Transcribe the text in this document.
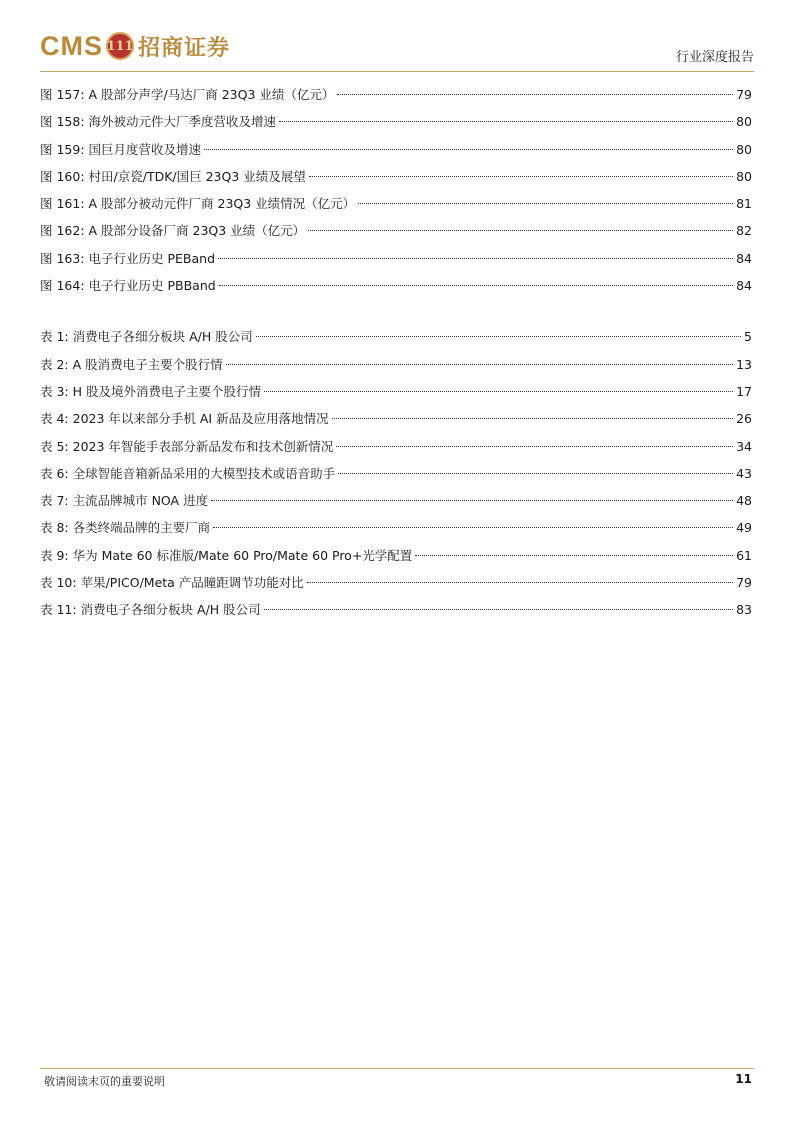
CMS 111 招商证券	行业深度报告
图 157: A 股部分声学/马达厂商 23Q3 业绩（亿元）	79
图 158: 海外被动元件大厂季度营收及增速	80
图 159: 国巨月度营收及增速	80
图 160: 村田/京瓷/TDK/国巨 23Q3 业绩及展望	80
图 161: A 股部分被动元件厂商 23Q3 业绩情况（亿元）	81
图 162: A 股部分设备厂商 23Q3 业绩（亿元）	82
图 163: 电子行业历史 PEBand	84
图 164: 电子行业历史 PBBand	84
表 1: 消费电子各细分板块 A/H 股公司	5
表 2: A 股消费电子主要个股行情	13
表 3: H 股及境外消费电子主要个股行情	17
表 4: 2023 年以来部分手机 AI 新品及应用落地情况	26
表 5: 2023 年智能手表部分新品发布和技术创新情况	34
表 6: 全球智能音箱新品采用的大模型技术或语音助手	43
表 7: 主流品牌城市 NOA 进度	48
表 8: 各类终端品牌的主要厂商	49
表 9: 华为 Mate 60 标准版/Mate 60 Pro/Mate 60 Pro+光学配置	61
表 10: 苹果/PICO/Meta 产品瞳距调节功能对比	79
表 11: 消费电子各细分板块 A/H 股公司	83
敬请阅读末页的重要说明	11
